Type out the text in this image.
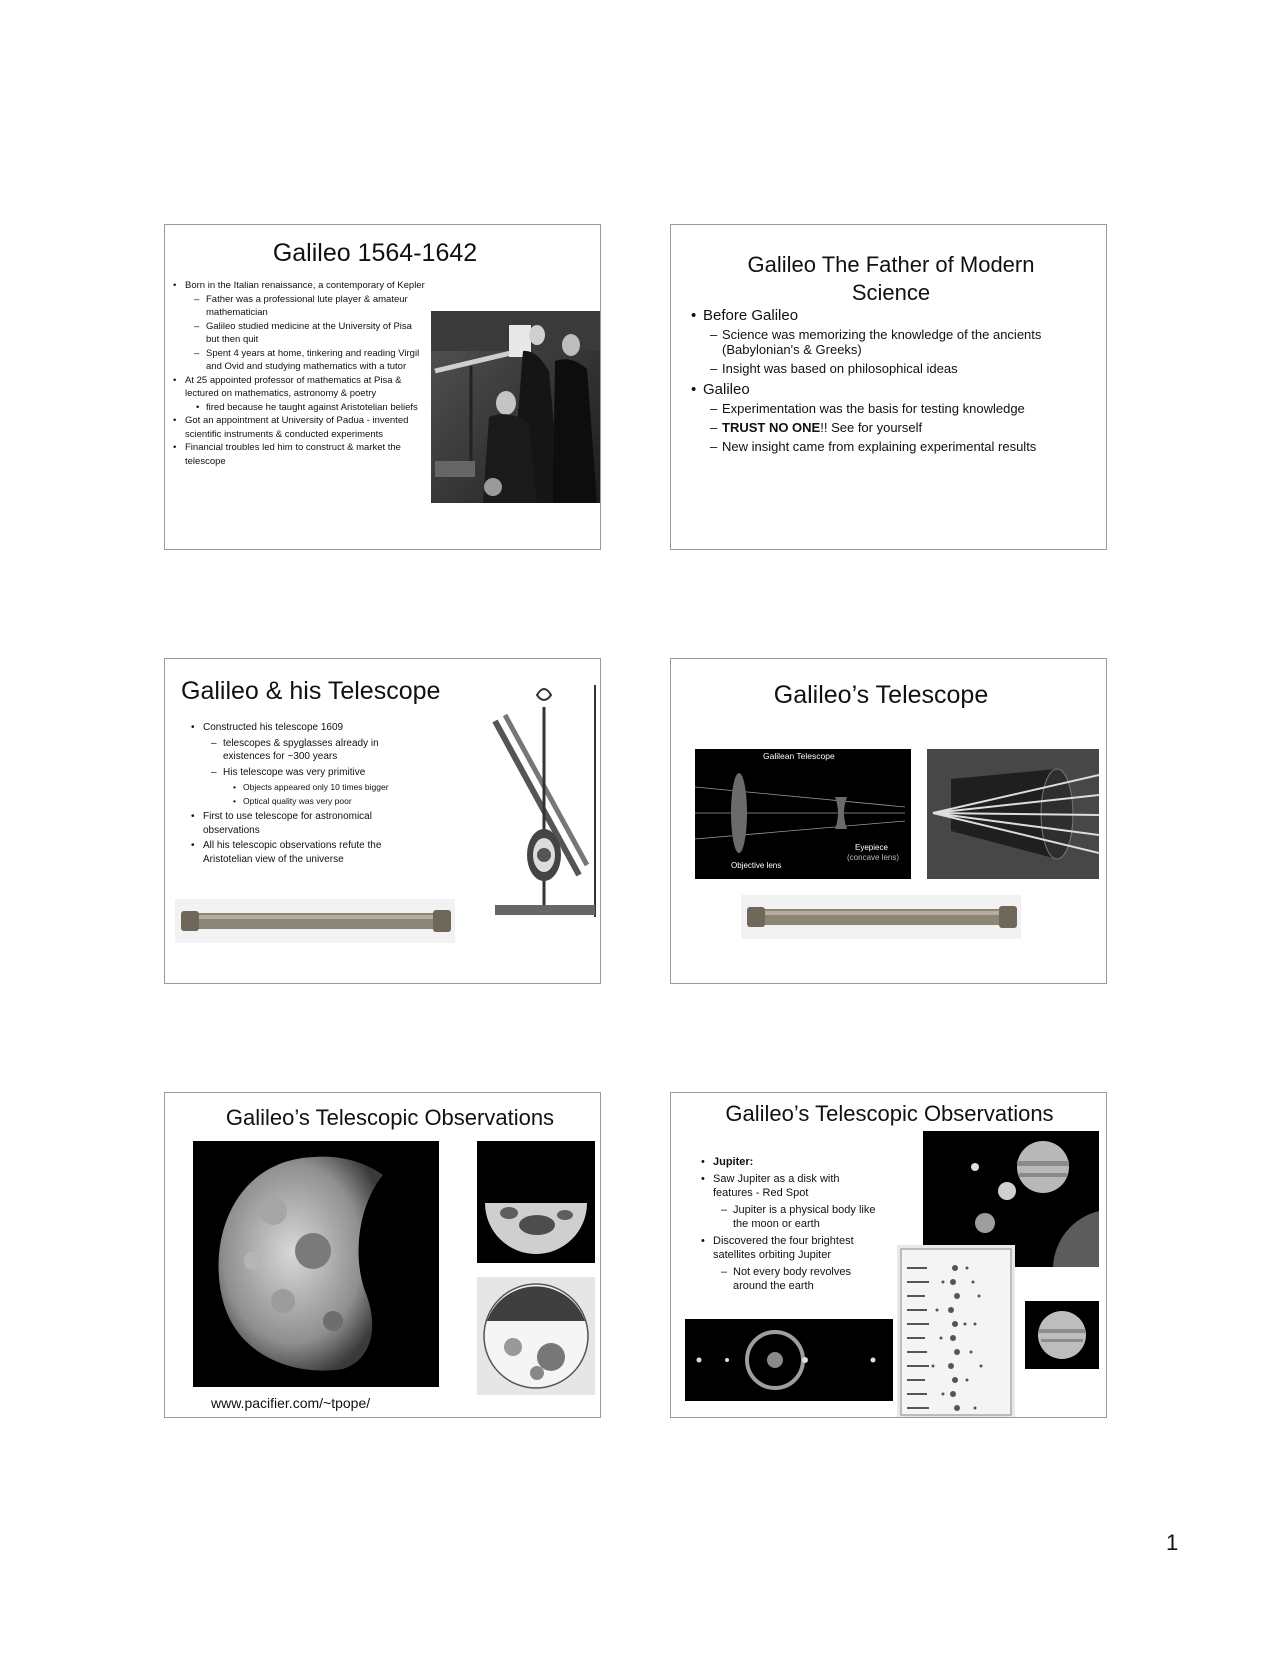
Galileo 1564-1642
• Born in the Italian renaissance, a contemporary of Kepler
– Father was a professional lute player & amateur mathematician
– Galileo studied medicine at the University of Pisa but then quit
– Spent 4 years at home, tinkering and reading Virgil and Ovid and studying mathematics with a tutor
• At 25 appointed professor of mathematics at Pisa & lectured on mathematics, astronomy & poetry
• fired because he taught against Aristotelian beliefs
• Got an appointment at University of Padua - invented scientific instruments & conducted experiments
• Financial troubles led him to construct & market the telescope
Galileo The Father of Modern Science
• Before Galileo
– Science was memorizing the knowledge of the ancients (Babylonian's & Greeks)
– Insight was based on philosophical ideas
• Galileo
– Experimentation was the basis for testing knowledge
– TRUST NO ONE!! See for yourself
– New insight came from explaining experimental results
Galileo & his Telescope
• Constructed his telescope 1609
– telescopes & spyglasses already in existences for ~300 years
– His telescope was very primitive
• Objects appeared only 10 times bigger
• Optical quality was very poor
• First to use telescope for astronomical observations
• All his telescopic observations refute the Aristotelian view of the universe
Galileo’s Telescope
Galilean Telescope
Objective lens
Eyepiece
(concave lens)
Galileo’s Telescopic Observations
www.pacifier.com/~tpope/
Galileo’s Telescopic Observations
• Jupiter:
• Saw Jupiter as a disk with features - Red Spot
– Jupiter is a physical body like the moon or earth
• Discovered the four brightest satellites orbiting Jupiter
– Not every body revolves around the earth
1
